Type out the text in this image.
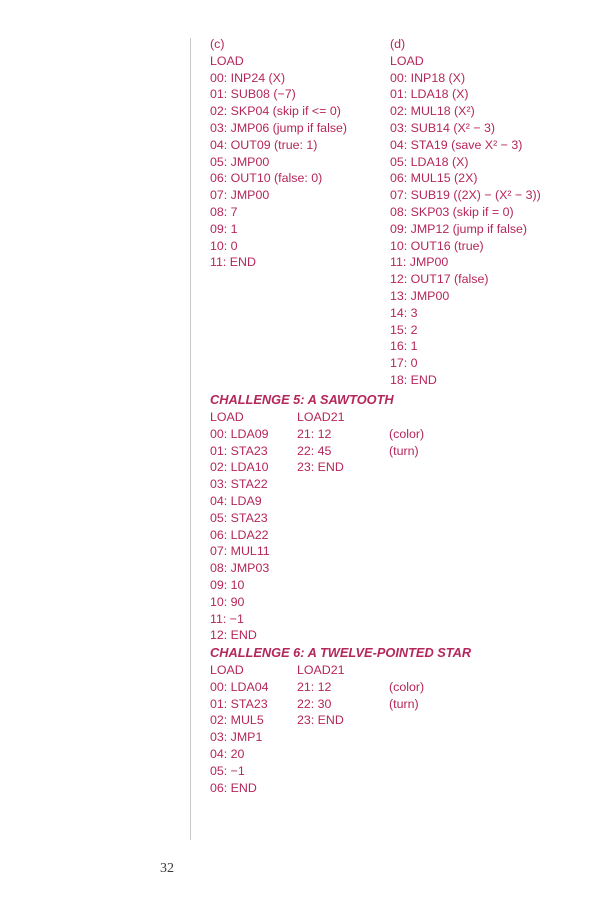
(c)
LOAD
00: INP24 (X)
01: SUB08 (−7)
02: SKP04 (skip if <= 0)
03: JMP06 (jump if false)
04: OUT09 (true: 1)
05: JMP00
06: OUT10 (false: 0)
07: JMP00
08: 7
09: 1
10: 0
11: END
(d)
LOAD
00: INP18 (X)
01: LDA18 (X)
02: MUL18 (X²)
03: SUB14 (X² − 3)
04: STA19 (save X² − 3)
05: LDA18 (X)
06: MUL15 (2X)
07: SUB19 ((2X) − (X² − 3))
08: SKP03 (skip if = 0)
09: JMP12 (jump if false)
10: OUT16 (true)
11: JMP00
12: OUT17 (false)
13: JMP00
14: 3
15: 2
16: 1
17: 0
18: END
CHALLENGE 5: A SAWTOOTH
LOAD
00: LDA09
01: STA23
02: LDA10
03: STA22
04: LDA9
05: STA23
06: LDA22
07: MUL11
08: JMP03
09: 10
10: 90
11: −1
12: END
LOAD21
21: 12
22: 45
23: END
(color)
(turn)
CHALLENGE 6: A TWELVE-POINTED STAR
LOAD
00: LDA04
01: STA23
02: MUL5
03: JMP1
04: 20
05: −1
06: END
LOAD21
21: 12
22: 30
23: END
(color)
(turn)
32
